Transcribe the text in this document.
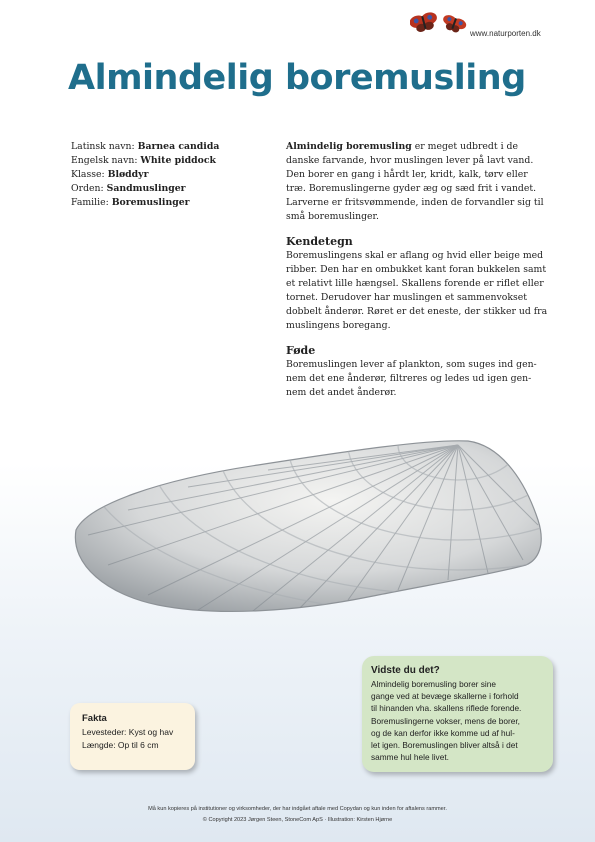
www.naturporten.dk
Almindelig boremusling
Latinsk navn: Barnea candida
Engelsk navn: White piddock
Klasse: Bløddyr
Orden: Sandmuslinger
Familie: Boremuslinger

Almindelig boremusling er meget udbredt i de
danske farvande, hvor muslingen lever på lavt vand.
Den borer en gang i hårdt ler, kridt, kalk, tørv eller
træ. Boremuslingerne gyder æg og sæd frit i vandet.
Larverne er fritsvømmende, inden de forvandler sig til
små boremuslinger.

Kendetegn
Boremuslingens skal er aflang og hvid eller beige med
ribber. Den har en ombukket kant foran bukkelen samt
et relativt lille hængsel. Skallens forende er riflet eller
tornet. Derudover har muslingen et sammenvokset
dobbelt ånderør. Røret er det eneste, der stikker ud fra
muslingens boregang.
Føde
Boremuslingen lever af plankton, som suges ind gen-
nem det ene ånderør, filtreres og ledes ud igen gen-
nem det andet ånderør.
Fakta
Levesteder: Kyst og hav
Længde: Op til 6 cm
Vidste du det?
Almindelig boremusling borer sine
gange ved at bevæge skallerne i forhold
til hinanden vha. skallens riflede forende.
Boremuslingerne vokser, mens de borer,
og de kan derfor ikke komme ud af hul-
let igen. Boremuslingen bliver altså i det
samme hul hele livet.
Må kun kopieres på institutioner og virksomheder, der har indgået aftale med Copydan og kun inden for aftalens rammer.
© Copyright 2023 Jørgen Steen, StoneCom ApS · Illustration: Kirsten Hjørne
